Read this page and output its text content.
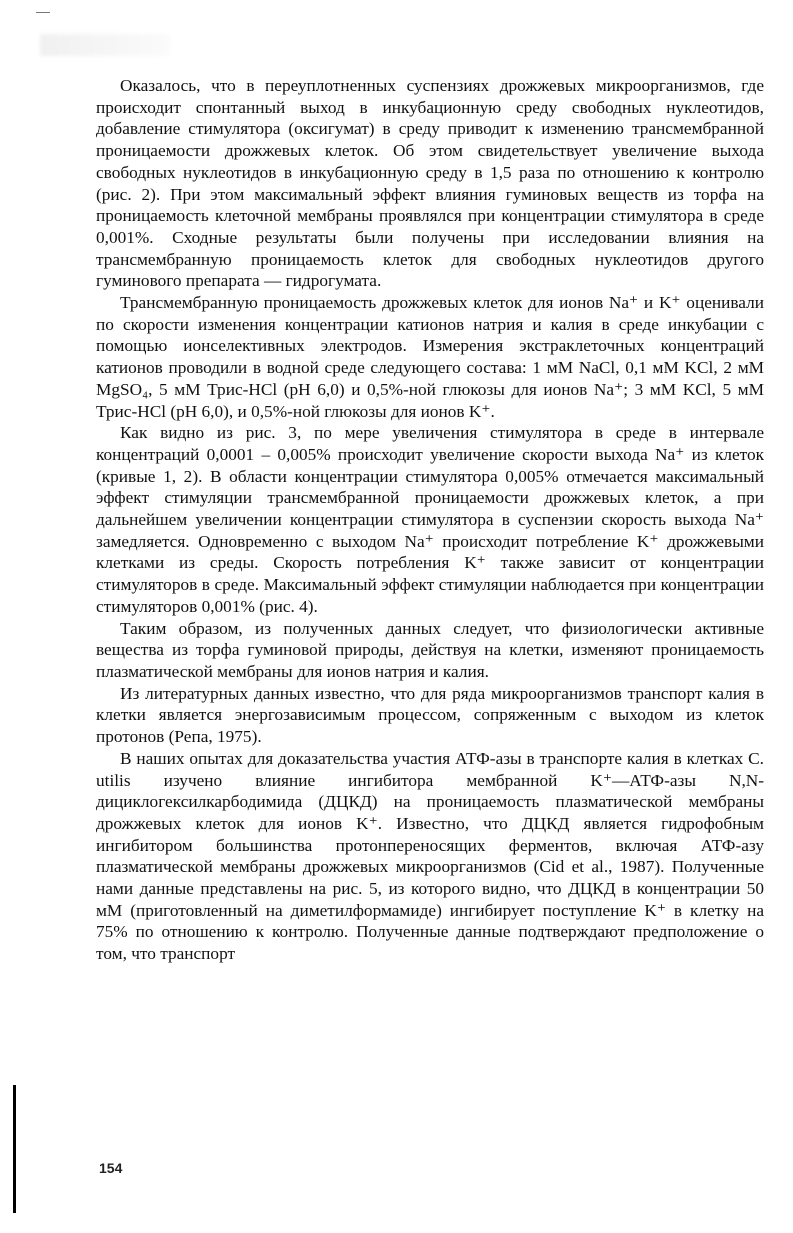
Оказалось, что в переуплотненных суспензиях дрожжевых микроорганизмов, где происходит спонтанный выход в инкубационную среду свободных нуклеотидов, добавление стимулятора (оксигумат) в среду приводит к изменению трансмембранной проницаемости дрожжевых клеток. Об этом свидетельствует увеличение выхода свободных нуклеотидов в инкубационную среду в 1,5 раза по отношению к контролю (рис. 2). При этом максимальный эффект влияния гуминовых веществ из торфа на проницаемость клеточной мембраны проявлялся при концентрации стимулятора в среде 0,001%. Сходные результаты были получены при исследовании влияния на трансмембранную проницаемость клеток для свободных нуклеотидов другого гуминового препарата — гидрогумата.

Трансмембранную проницаемость дрожжевых клеток для ионов Na⁺ и K⁺ оценивали по скорости изменения концентрации катионов натрия и калия в среде инкубации с помощью ионселективных электродов. Измерения экстраклеточных концентраций катионов проводили в водной среде следующего состава: 1 мМ NaCl, 0,1 мМ KCl, 2 мМ MgSO₄, 5 мМ Трис-HCl (pH 6,0) и 0,5%-ной глюкозы для ионов Na⁺; 3 мМ KCl, 5 мМ Трис-HCl (pH 6,0), и 0,5%-ной глюкозы для ионов K⁺.

Как видно из рис. 3, по мере увеличения стимулятора в среде в интервале концентраций 0,0001 – 0,005% происходит увеличение скорости выхода Na⁺ из клеток (кривые 1, 2). В области концентрации стимулятора 0,005% отмечается максимальный эффект стимуляции трансмембранной проницаемости дрожжевых клеток, а при дальнейшем увеличении концентрации стимулятора в суспензии скорость выхода Na⁺ замедляется. Одновременно с выходом Na⁺ происходит потребление K⁺ дрожжевыми клетками из среды. Скорость потребления K⁺ также зависит от концентрации стимуляторов в среде. Максимальный эффект стимуляции наблюдается при концентрации стимуляторов 0,001% (рис. 4).

Таким образом, из полученных данных следует, что физиологически активные вещества из торфа гуминовой природы, действуя на клетки, изменяют проницаемость плазматической мембраны для ионов натрия и калия.

Из литературных данных известно, что для ряда микроорганизмов транспорт калия в клетки является энергозависимым процессом, сопряженным с выходом из клеток протонов (Репа, 1975).

В наших опытах для доказательства участия АТФ-азы в транспорте калия в клетках C. utilis изучено влияние ингибитора мембранной K⁺—АТФ-азы N,N-дициклогексилкарбодимида (ДЦКД) на проницаемость плазматической мембраны дрожжевых клеток для ионов K⁺. Известно, что ДЦКД является гидрофобным ингибитором большинства протонпереносящих ферментов, включая АТФ-азу плазматической мембраны дрожжевых микроорганизмов (Cid et al., 1987). Полученные нами данные представлены на рис. 5, из которого видно, что ДЦКД в концентрации 50 мМ (приготовленный на диметилформамиде) ингибирует поступление K⁺ в клетку на 75% по отношению к контролю. Полученные данные подтверждают предположение о том, что транспорт

154
